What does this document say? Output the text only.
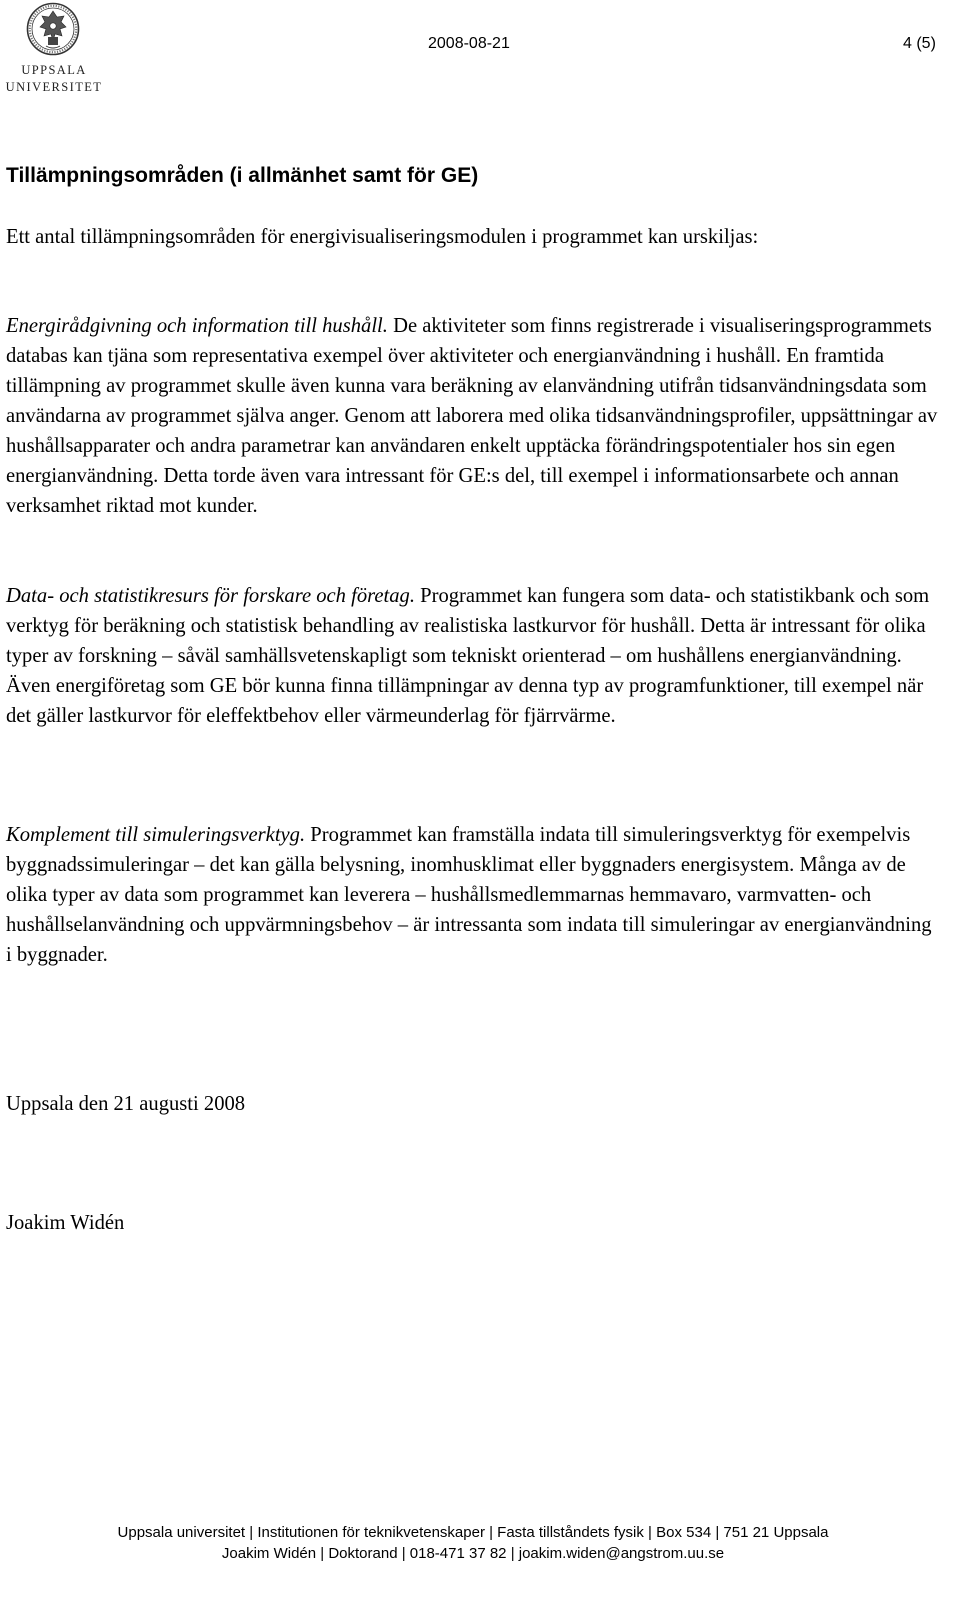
UPPSALA
UNIVERSITET
2008-08-21	4 (5)
Tillämpningsområden (i allmänhet samt för GE)

Ett antal tillämpningsområden för energivisualiseringsmodulen i programmet kan urskiljas:

Energirådgivning och information till hushåll. De aktiviteter som finns registrerade i visualiseringsprogrammets databas kan tjäna som representativa exempel över aktiviteter och energianvändning i hushåll. En framtida tillämpning av programmet skulle även kunna vara beräkning av elanvändning utifrån tidsanvändningsdata som användarna av programmet själva anger. Genom att laborera med olika tidsanvändningsprofiler, uppsättningar av hushållsapparater och andra parametrar kan användaren enkelt upptäcka förändringspotentialer hos sin egen energianvändning. Detta torde även vara intressant för GE:s del, till exempel i informationsarbete och annan verksamhet riktad mot kunder.

Data- och statistikresurs för forskare och företag. Programmet kan fungera som data- och statistikbank och som verktyg för beräkning och statistisk behandling av realistiska lastkurvor för hushåll. Detta är intressant för olika typer av forskning – såväl samhällsvetenskapligt som tekniskt orienterad – om hushållens energianvändning. Även energiföretag som GE bör kunna finna tillämpningar av denna typ av programfunktioner, till exempel när det gäller lastkurvor för eleffektbehov eller värmeunderlag för fjärrvärme.

Komplement till simuleringsverktyg. Programmet kan framställa indata till simuleringsverktyg för exempelvis byggnadssimuleringar – det kan gälla belysning, inomhusklimat eller byggnaders energisystem. Många av de olika typer av data som programmet kan leverera – hushållsmedlemmarnas hemmavaro, varmvatten- och hushållselanvändning och uppvärmningsbehov – är intressanta som indata till simuleringar av energianvändning i byggnader.

Uppsala den 21 augusti 2008

Joakim Widén

Uppsala universitet | Institutionen för teknikvetenskaper | Fasta tillståndets fysik | Box 534 | 751 21 Uppsala
Joakim Widén | Doktorand | 018-471 37 82 | joakim.widen@angstrom.uu.se
